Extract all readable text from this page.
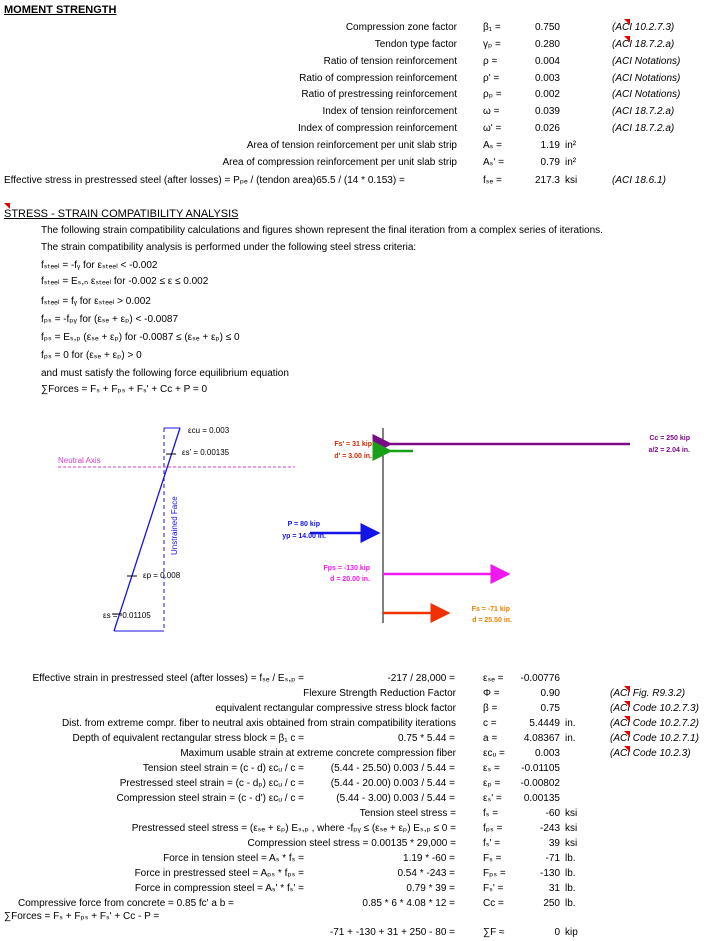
MOMENT STRENGTH
Compression zone factor	β₁ =	0.750	(ACI 10.2.7.3)
Tendon type factor	γₚ =	0.280	(ACI 18.7.2.a)
Ratio of tension reinforcement	ρ =	0.004	(ACI Notations)
Ratio of compression reinforcement	ρ' =	0.003	(ACI Notations)
Ratio of prestressing reinforcement	ρₚ =	0.002	(ACI Notations)
Index of tension reinforcement	ω =	0.039	(ACI 18.7.2.a)
Index of compression reinforcement	ω' =	0.026	(ACI 18.7.2.a)
Area of tension reinforcement per unit slab strip	Aₛ =	1.19 in²
Area of compression reinforcement per unit slab strip	Aₛ' =	0.79 in²
Effective stress in prestressed steel (after losses) = Pₚₑ / (tendon area)65.5 / (14 * 0.153) =	fₛₑ =	217.3 ksi	(ACI 18.6.1)
STRESS - STRAIN COMPATIBILITY ANALYSIS
The following strain compatibility calculations and figures shown represent the final iteration from a complex series of iterations.
The strain compatibility analysis is performed under the following steel stress criteria:
fₛₜₑₑₗ = -fᵧ for εₛₜₑₑₗ < -0.002
fₛₜₑₑₗ = Eₛ,ₙ εₛₜₑₑₗ for -0.002 ≤ ε ≤ 0.002
fₛₜₑₑₗ = fᵧ for εₛₜₑₑₗ > 0.002
fₚₛ = -fₚᵧ for (εₛₑ + εₚ) < -0.0087
fₚₛ = Eₛ,ₚ (εₛₑ + εₚ) for -0.0087 ≤ (εₛₑ + εₚ) ≤ 0
fₚₛ = 0 for (εₛₑ + εₚ) > 0
and must satisfy the following force equilibrium equation
∑Forces = Fₛ + Fₚₛ + Fₛ' + Cᴄ + P = 0
Neutral Axis
εcu = 0.003
εs' = 0.00135
εp = 0.008
εs = -0.01105
Unstrained Face
Cc = 250 kip
a/2 = 2.04 in.
Fs' = 31 kip
d' = 3.00 in.
P = 80 kip
yp = 14.00 in.
Fps = -130 kip
d = 20.00 in.
Fs = -71 kip
d = 25.50 in.
Effective strain in prestressed steel (after losses) = fₛₑ / Eₛ,ₚ =	-217 / 28,000 =	εₛₑ = -0.00776
Flexure Strength Reduction Factor	Φ =	0.90	(ACI Fig. R9.3.2)
equivalent rectangular compressive stress block factor	β =	0.75	(ACI Code 10.2.7.3)
Dist. from extreme compr. fiber to neutral axis obtained from strain compatibility iterations	c =	5.4449 in.	(ACI Code 10.2.7.2)
Depth of equivalent rectangular stress block = β₁ c =	0.75 * 5.44 =	a =	4.08367 in.	(ACI Code 10.2.7.1)
Maximum usable strain at extreme concrete compression fiber	εᴄᵤ =	0.003	(ACI Code 10.2.3)
Tension steel strain = (c - d) εᴄᵤ / c =	(5.44 - 25.50) 0.003 / 5.44 =	εₛ =	-0.01105
Prestressed steel strain = (c - dₚ) εᴄᵤ / c =	(5.44 - 20.00) 0.003 / 5.44 =	εₚ = -0.00802
Compression steel strain = (c - d') εᴄᵤ / c =	(5.44 - 3.00) 0.003 / 5.44 =	εₛ' =	0.00135
Tension steel stress =	fₛ =	-60 ksi
Prestressed steel stress = (εₛₑ + εₚ) Eₛ,ₚ , where -fₚᵧ ≤ (εₛₑ + εₚ) Eₛ,ₚ ≤ 0 =	fₚₛ =	-243 ksi
Compression steel stress = 0.00135 * 29,000 =	fₛ' =	39 ksi
Force in tension steel = Aₛ * fₛ =	1.19 * -60 =	Fₛ =	-71 lb.
Force in prestressed steel = Aₚₛ * fₚₛ =	0.54 * -243 =	Fₚₛ =	-130 lb.
Force in compression steel = Aₛ' * fₛ' =	0.79 * 39 =	Fₛ' =	31 lb.
Compressive force from concrete = 0.85 fᴄ' a b =	0.85 * 6 * 4.08 * 12 =	Cᴄ =	250 lb.
∑Forces = Fₛ + Fₚₛ + Fₛ' + Cᴄ - P =
-71 + -130 + 31 + 250 - 80 =	∑F ≈	0 kip
